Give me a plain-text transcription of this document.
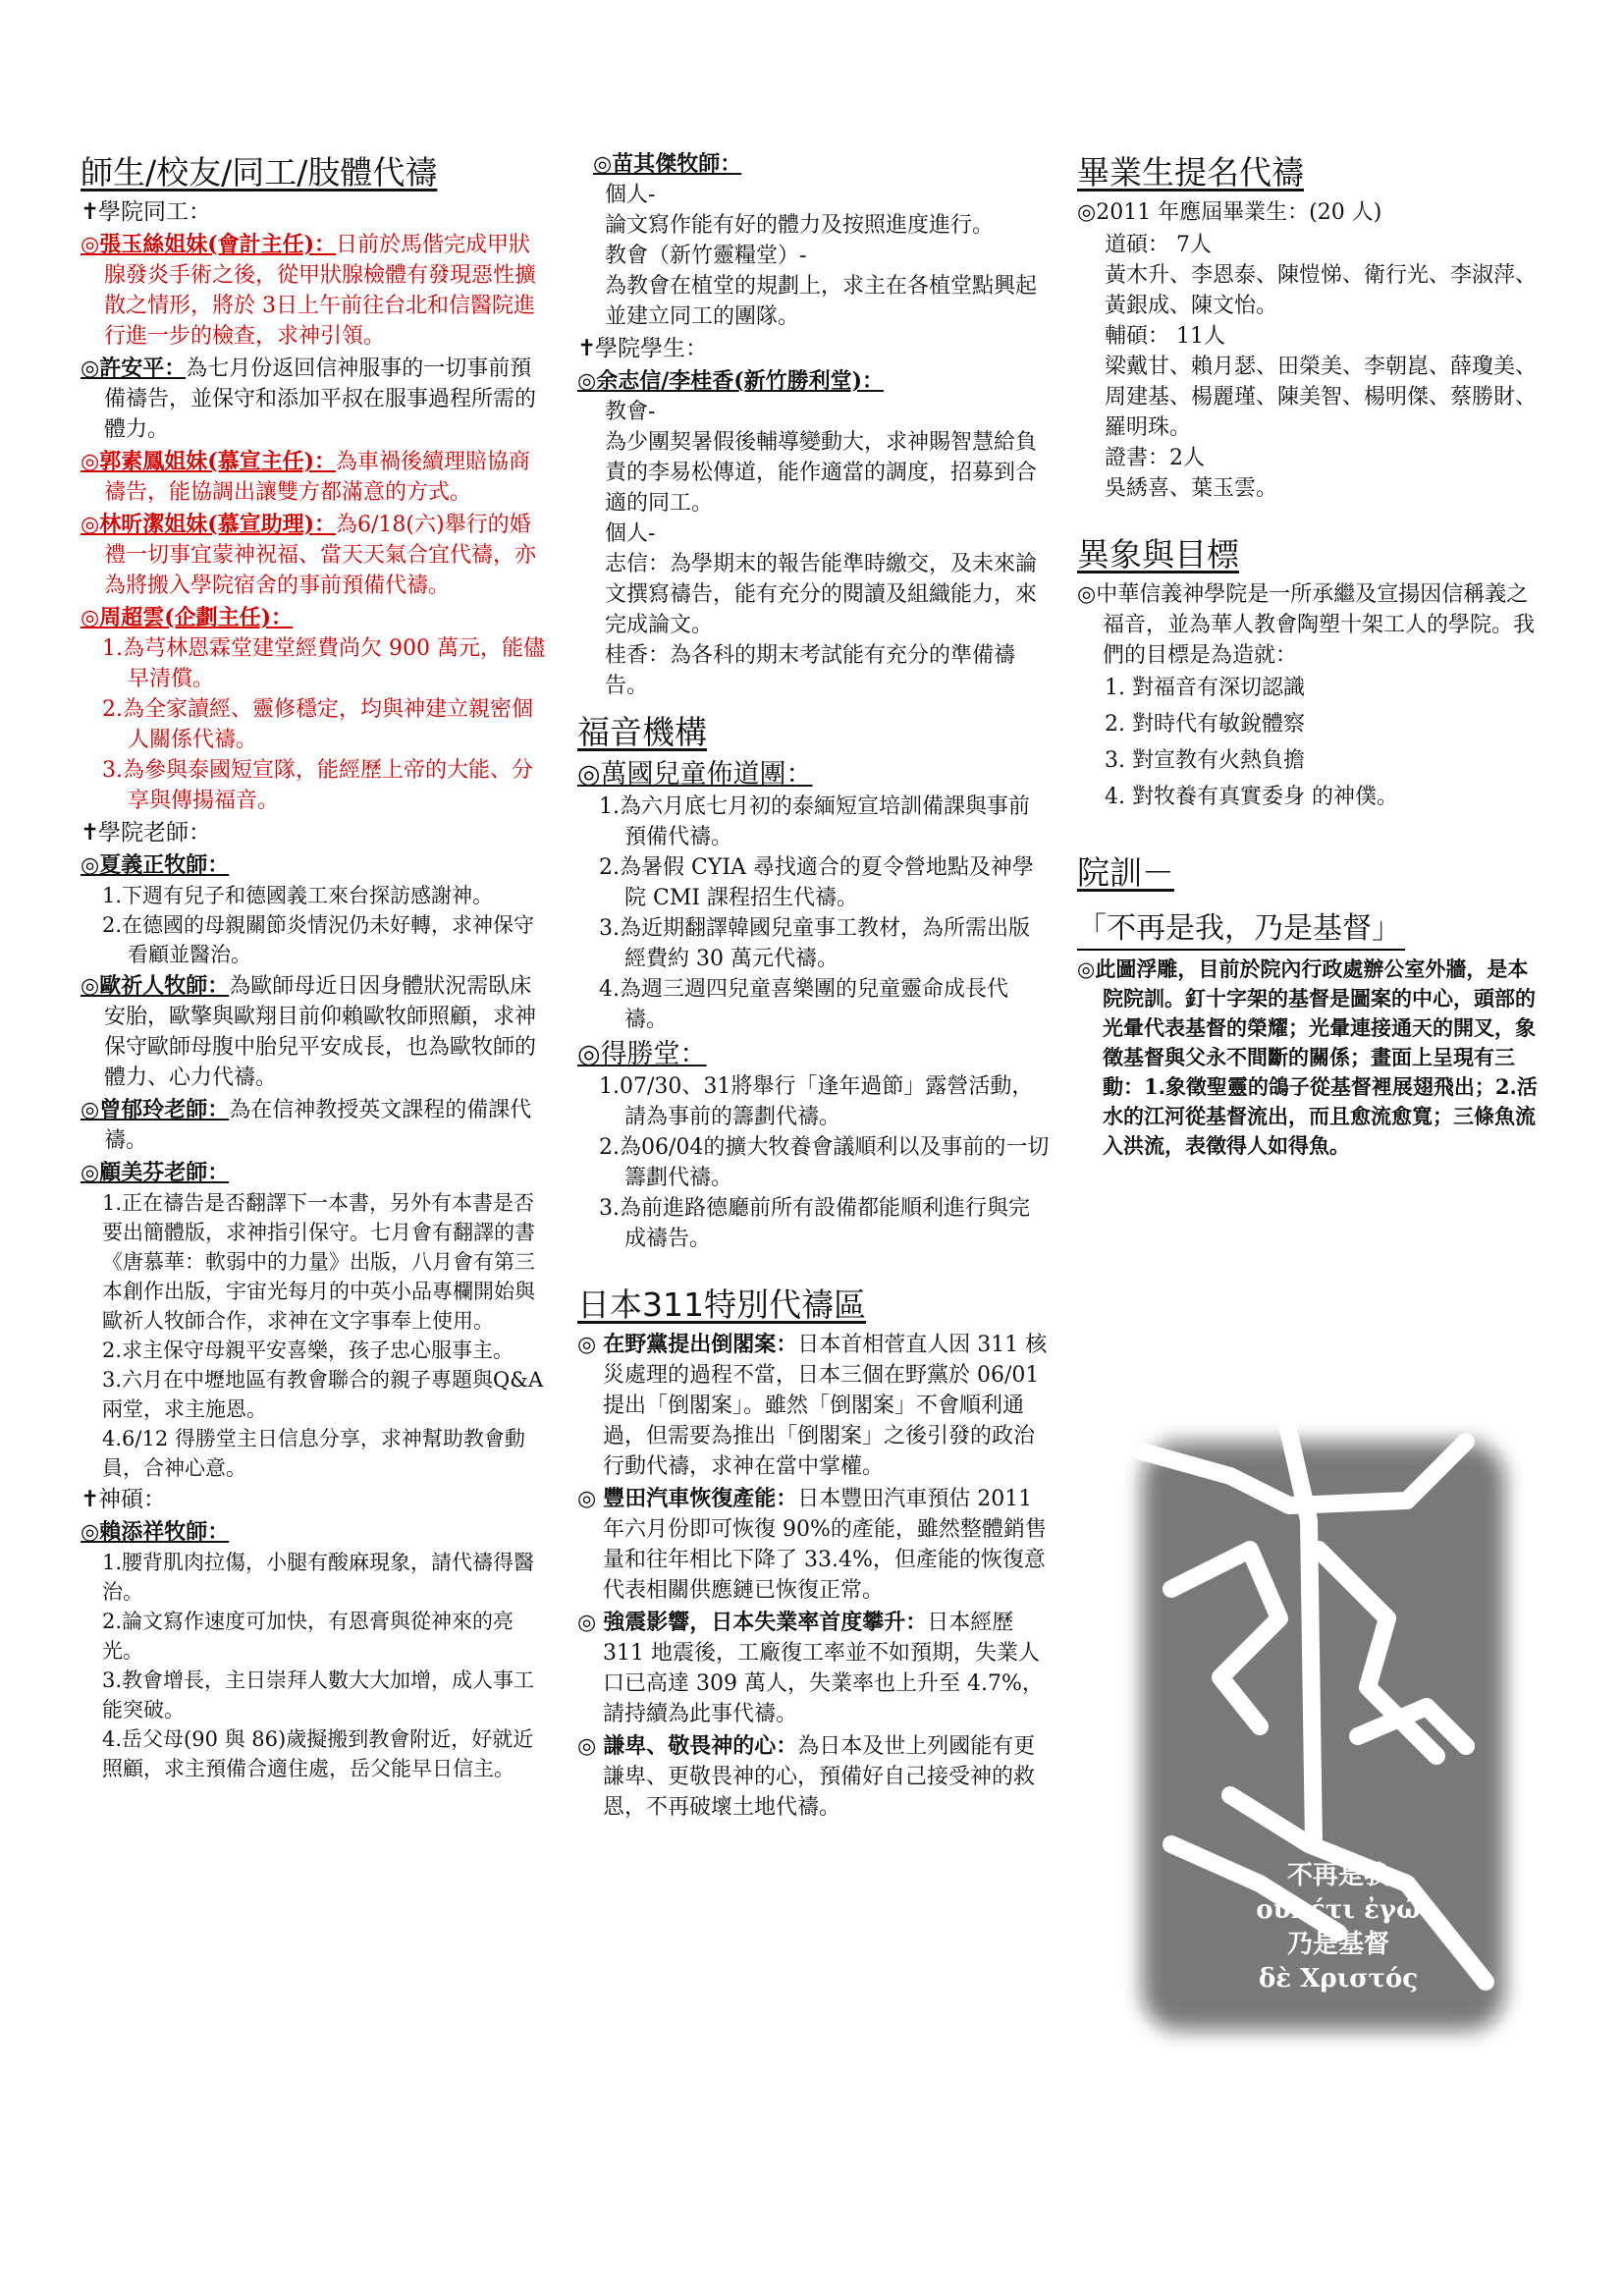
師生/校友/同工/肢體代禱

✝學院同工：

◎張玉絲姐妹(會計主任)：日前於馬偕完成甲狀腺發炎手術之後，從甲狀腺檢體有發現惡性擴散之情形，將於 3日上午前往台北和信醫院進行進一步的檢查，求神引領。

◎許安平：為七月份返回信神服事的一切事前預備禱告，並保守和添加平叔在服事過程所需的體力。

◎郭素鳳姐妹(慕宣主任)：為車禍後續理賠協商禱告，能協調出讓雙方都滿意的方式。

◎林昕潔姐妹(慕宣助理)：為6/18(六)舉行的婚禮一切事宜蒙神祝福、當天天氣合宜代禱，亦為將搬入學院宿舍的事前預備代禱。

◎周超雲(企劃主任)：

1.為芎林恩霖堂建堂經費尚欠 900 萬元，能儘早清償。
2.為全家讀經、靈修穩定，均與神建立親密個人關係代禱。
3.為參與泰國短宣隊，能經歷上帝的大能、分享與傳揚福音。

✝學院老師：

◎夏義正牧師：

1.下週有兒子和德國義工來台探訪感謝神。
2.在德國的母親關節炎情況仍未好轉，求神保守看顧並醫治。

◎歐祈人牧師：為歐師母近日因身體狀況需臥床安胎，歐擎與歐翔目前仰賴歐牧師照顧，求神保守歐師母腹中胎兒平安成長，也為歐牧師的體力、心力代禱。

◎曾郁玲老師：為在信神教授英文課程的備課代禱。

◎顧美芬老師：

1.正在禱告是否翻譯下一本書，另外有本書是否要出簡體版，求神指引保守。七月會有翻譯的書《唐慕華：軟弱中的力量》出版，八月會有第三本創作出版，宇宙光每月的中英小品專欄開始與歐祈人牧師合作，求神在文字事奉上使用。
2.求主保守母親平安喜樂，孩子忠心服事主。
3.六月在中壢地區有教會聯合的親子專題與Q&A 兩堂，求主施恩。
4.6/12 得勝堂主日信息分享，求神幫助教會動員，合神心意。

✝神碩：

◎賴添祥牧師：

1.腰背肌肉拉傷，小腿有酸麻現象，請代禱得醫治。
2.論文寫作速度可加快，有恩膏與從神來的亮光。
3.教會增長，主日崇拜人數大大加增，成人事工能突破。
4.岳父母(90 與 86)歲擬搬到教會附近，好就近照顧，求主預備合適住處，岳父能早日信主。

◎苗其傑牧師：

個人-
論文寫作能有好的體力及按照進度進行。
教會（新竹靈糧堂）-
為教會在植堂的規劃上，求主在各植堂點興起並建立同工的團隊。

✝學院學生：

◎余志信/李桂香(新竹勝利堂)：

教會-
為少團契暑假後輔導變動大，求神賜智慧給負責的李易松傳道，能作適當的調度，招募到合適的同工。
個人-
志信：為學期末的報告能準時繳交，及未來論文撰寫禱告，能有充分的閱讀及組織能力，來完成論文。
桂香：為各科的期末考試能有充分的準備禱告。
福音機構

◎萬國兒童佈道團：

1.為六月底七月初的泰緬短宣培訓備課與事前預備代禱。
2.為暑假 CYIA 尋找適合的夏令營地點及神學院 CMI 課程招生代禱。
3.為近期翻譯韓國兒童事工教材，為所需出版經費約 30 萬元代禱。
4.為週三週四兒童喜樂團的兒童靈命成長代禱。

◎得勝堂：

1.07/30、31將舉行「逢年過節」露營活動，請為事前的籌劃代禱。
2.為06/04的擴大牧養會議順利以及事前的一切籌劃代禱。
3.為前進路德廳前所有設備都能順利進行與完成禱告。
日本311特別代禱區

◎ 在野黨提出倒閣案：日本首相菅直人因 311 核災處理的過程不當，日本三個在野黨於 06/01 提出「倒閣案」。雖然「倒閣案」不會順利通過，但需要為推出「倒閣案」之後引發的政治行動代禱，求神在當中掌權。

◎ 豐田汽車恢復產能：日本豐田汽車預估 2011 年六月份即可恢復 90%的產能，雖然整體銷售量和往年相比下降了 33.4%，但產能的恢復意代表相關供應鏈已恢復正常。

◎ 強震影響，日本失業率首度攀升：日本經歷 311 地震後，工廠復工率並不如預期，失業人口已高達 309 萬人，失業率也上升至 4.7%，請持續為此事代禱。

◎ 謙卑、敬畏神的心：為日本及世上列國能有更謙卑、更敬畏神的心，預備好自己接受神的救恩，不再破壞土地代禱。

畢業生提名代禱

◎2011 年應屆畢業生：(20 人)

道碩： 7人
黃木升、李恩泰、陳愷悌、衛行光、李淑萍、黃銀成、陳文怡。
輔碩： 11人
梁戴甘、賴月瑟、田榮美、李朝崑、薛瓊美、周建基、楊麗瑾、陳美智、楊明傑、蔡勝財、羅明珠。
證書：2人
吳綉喜、葉玉雲。
異象與目標

◎中華信義神學院是一所承繼及宣揚因信稱義之福音，並為華人教會陶塑十架工人的學院。我們的目標是為造就：

1. 對福音有深切認識
2. 對時代有敏銳體察
3. 對宣教有火熱負擔
4. 對牧養有真實委身 的神僕。
院訓－
「不再是我，乃是基督」

◎此圖浮雕，目前於院內行政處辦公室外牆，是本院院訓。釘十字架的基督是圖案的中心，頭部的光暈代表基督的榮耀；光暈連接通天的開叉，象徵基督與父永不間斷的關係；畫面上呈現有三動：1.象徵聖靈的鴿子從基督裡展翅飛出；2.活水的江河從基督流出，而且愈流愈寬；三條魚流入洪流，表徵得人如得魚。

不再是我
οὐκέτι ἐγώ
乃是基督
δὲ Χριστός
